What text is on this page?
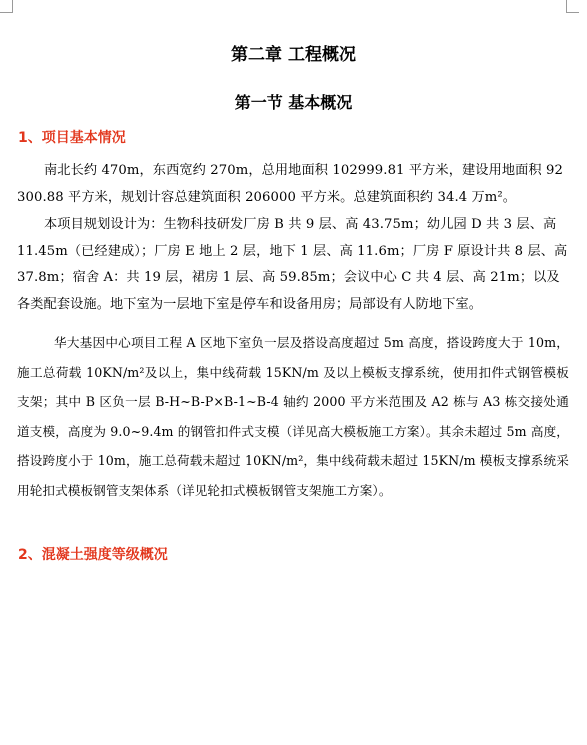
第二章 工程概况
第一节 基本概况
1、项目基本情况

南北长约 470m，东西宽约 270m，总用地面积 102999.81 平方米，建设用地面积 92300.88 平方米，规划计容总建筑面积 206000 平方米。总建筑面积约 34.4 万m²。

本项目规划设计为：生物科技研发厂房 B 共 9 层、高 43.75m；幼儿园 D 共 3 层、高 11.45m（已经建成）；厂房 E 地上 2 层，地下 1 层、高 11.6m；厂房 F 原设计共 8 层、高 37.8m；宿舍 A：共 19 层，裙房 1 层、高 59.85m；会议中心 C 共 4 层、高 21m；以及各类配套设施。地下室为一层地下室是停车和设备用房；局部设有人防地下室。

华大基因中心项目工程 A 区地下室负一层及搭设高度超过 5m 高度，搭设跨度大于 10m，施工总荷载 10KN/m²及以上，集中线荷载 15KN/m 及以上模板支撑系统，使用扣件式钢管模板支架；其中 B 区负一层 B-H~B-P×B-1~B-4 轴约 2000 平方米范围及 A2 栋与 A3 栋交接处通道支模，高度为 9.0~9.4m 的钢管扣件式支模（详见高大模板施工方案）。其余未超过 5m 高度，搭设跨度小于 10m，施工总荷载未超过 10KN/m²，集中线荷载未超过 15KN/m 模板支撑系统采用轮扣式模板钢管支架体系（详见轮扣式模板钢管支架施工方案）。

2、混凝土强度等级概况
